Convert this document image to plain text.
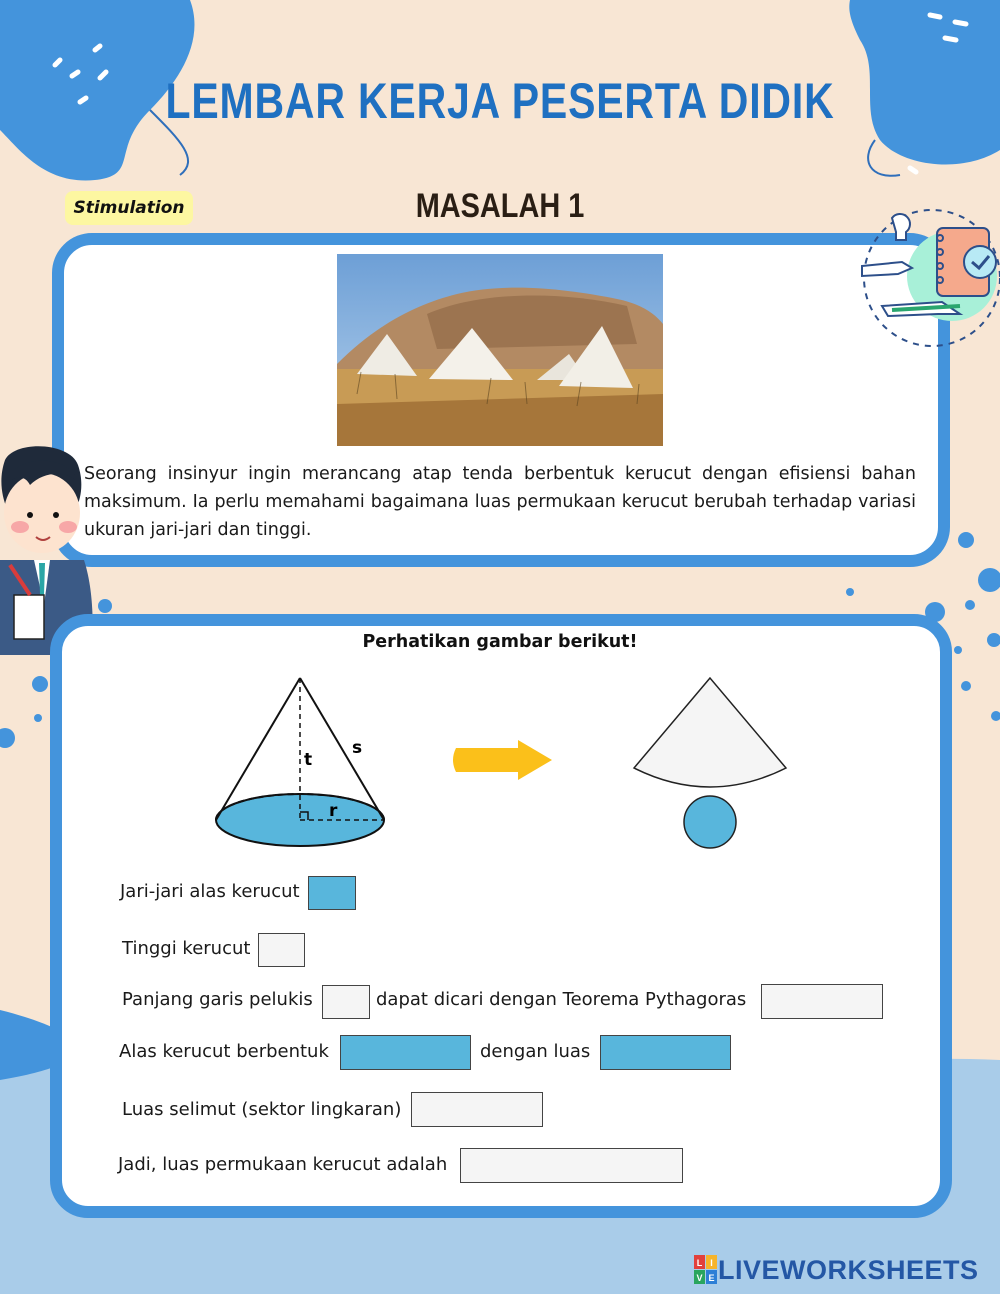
LEMBAR KERJA PESERTA DIDIK
Stimulation	MASALAH 1
Seorang insinyur ingin merancang atap tenda berbentuk kerucut dengan efisiensi bahan maksimum. Ia perlu memahami bagaimana luas permukaan kerucut berubah terhadap variasi ukuran jari-jari dan tinggi.
Perhatikan gambar berikut!
t
s
r
Jari-jari alas kerucut
Tinggi kerucut
Panjang garis pelukis	dapat dicari dengan Teorema Pythagoras
Alas kerucut berbentuk	dengan luas
Luas selimut (sektor lingkaran)
Jadi, luas permukaan kerucut adalah
L I
V E LIVEWORKSHEETS
